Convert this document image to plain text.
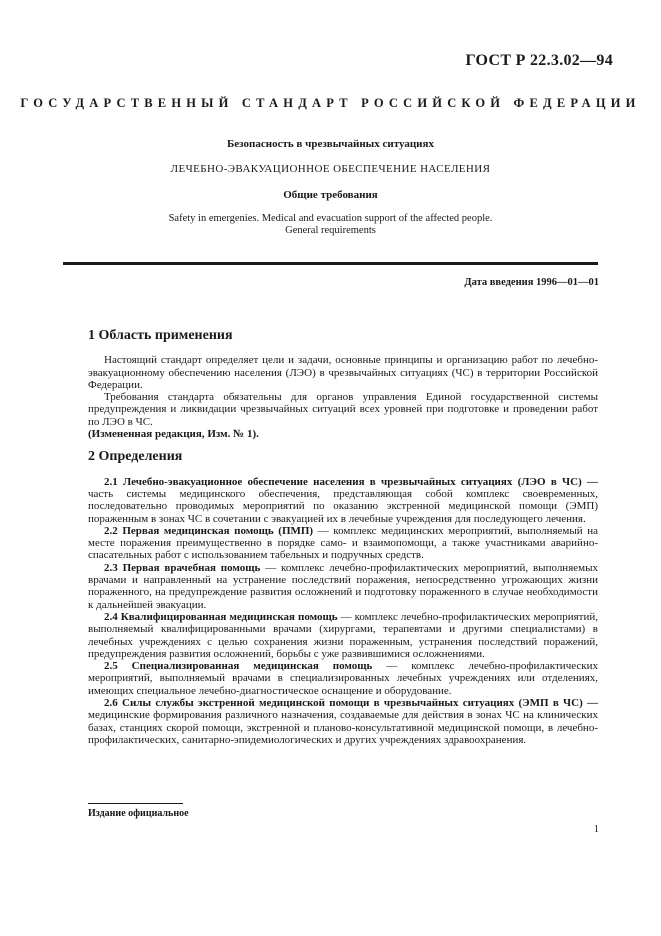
ГОСТ Р 22.3.02—94
ГОСУДАРСТВЕННЫЙ СТАНДАРТ РОССИЙСКОЙ ФЕДЕРАЦИИ
Безопасность в чрезвычайных ситуациях
ЛЕЧЕБНО-ЭВАКУАЦИОННОЕ ОБЕСПЕЧЕНИЕ НАСЕЛЕНИЯ
Общие требования
Safety in emergenies. Medical and evacuation support of the affected people.
General requirements
Дата введения 1996—01—01
1 Область применения

Настоящий стандарт определяет цели и задачи, основные принципы и организацию работ по лечебно-эвакуационному обеспечению населения (ЛЭО) в чрезвычайных ситуациях (ЧС) в территории Российской Федерации.

Требования стандарта обязательны для органов управления Единой государственной системы предупреждения и ликвидации чрезвычайных ситуаций всех уровней при подготовке и проведении работ по ЛЭО в ЧС.

(Измененная редакция, Изм. № 1).

2 Определения

2.1 Лечебно-эвакуационное обеспечение населения в чрезвычайных ситуациях (ЛЭО в ЧС) — часть системы медицинского обеспечения, представляющая собой комплекс своевременных, последовательно проводимых мероприятий по оказанию экстренной медицинской помощи (ЭМП) пораженным в зонах ЧС в сочетании с эвакуацией их в лечебные учреждения для последующего лечения.

2.2 Первая медицинская помощь (ПМП) — комплекс медицинских мероприятий, выполняемый на месте поражения преимущественно в порядке само- и взаимопомощи, а также участниками аварийно-спасательных работ с использованием табельных и подручных средств.

2.3 Первая врачебная помощь — комплекс лечебно-профилактических мероприятий, выполняемых врачами и направленный на устранение последствий поражения, непосредственно угрожающих жизни пораженного, на предупреждение развития осложнений и подготовку пораженного в случае необходимости к дальнейшей эвакуации.

2.4 Квалифицированная медицинская помощь — комплекс лечебно-профилактических мероприятий, выполняемый квалифицированными врачами (хирургами, терапевтами и другими специалистами) в лечебных учреждениях с целью сохранения жизни пораженным, устранения последствий поражений, предупреждения развития осложнений, борьбы с уже развившимися осложнениями.

2.5 Специализированная медицинская помощь — комплекс лечебно-профилактических мероприятий, выполняемый врачами в специализированных лечебных учреждениях или отделениях, имеющих специальное лечебно-диагностическое оснащение и оборудование.

2.6 Силы службы экстренной медицинской помощи в чрезвычайных ситуациях (ЭМП в ЧС) — медицинские формирования различного назначения, создаваемые для действия в зонах ЧС на клинических базах, станциях скорой помощи, экстренной и планово-консультативной медицинской помощи, в лечебно-профилактических, санитарно-эпидемиологических и других учреждениях здравоохранения.

Издание официальное
1
